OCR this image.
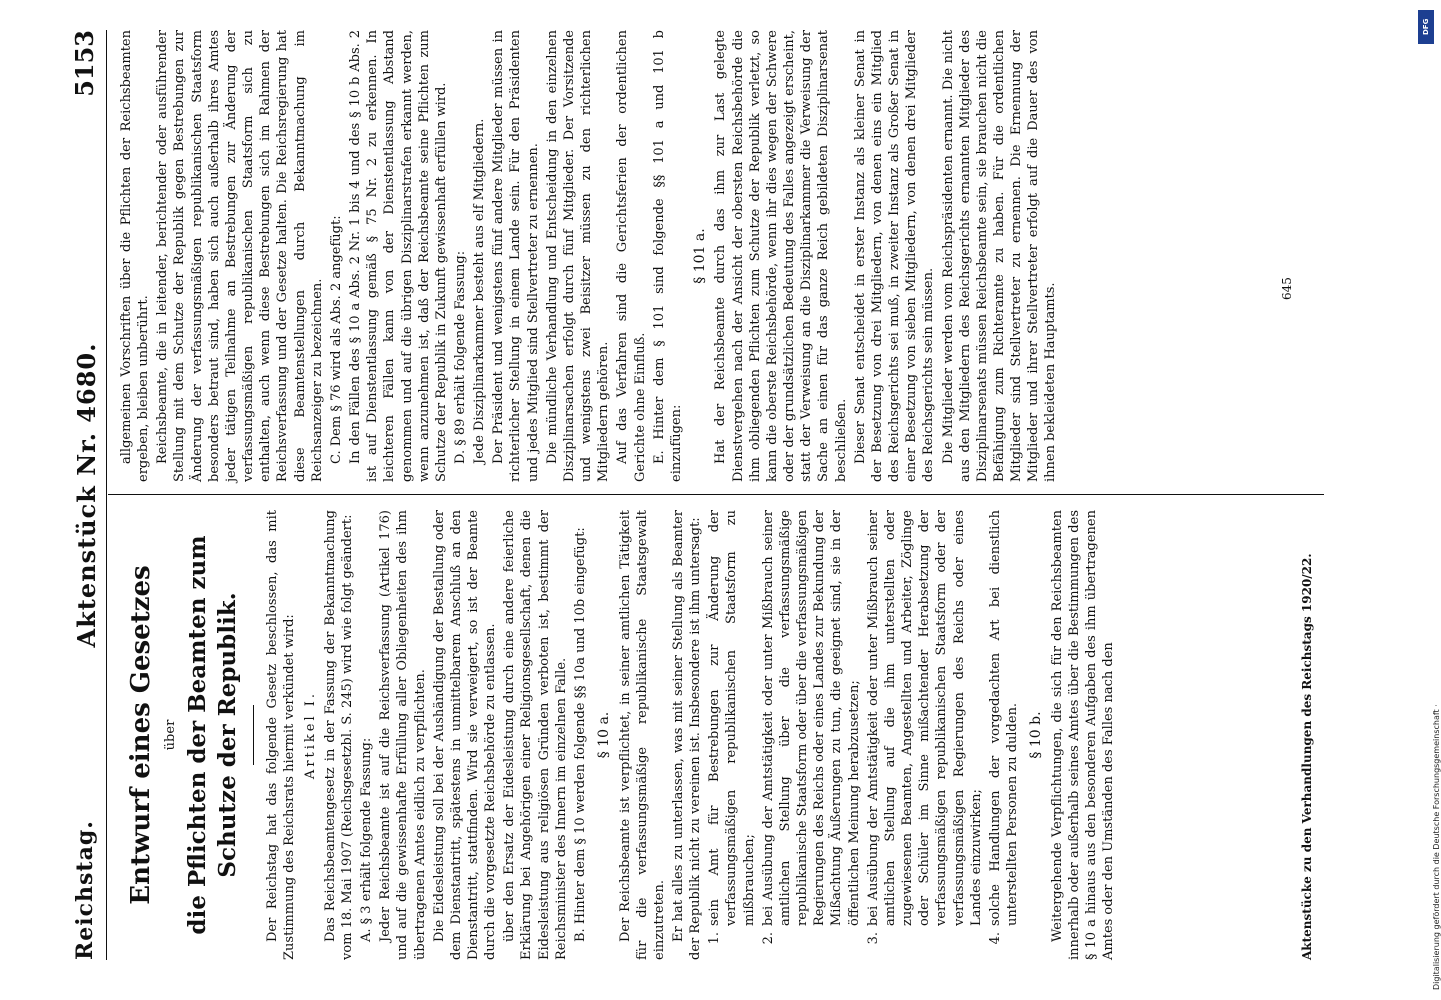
Reichstag.
Aktenstück Nr. 4680.
5153
Entwurf eines Gesetzes über die Pflichten der Beamten zum Schutze der Republik. Der Reichstag hat das folgende Gesetz beschlossen, das mit Zustimmung des Reichsrats hiermit verkündet wird: Artikel I. Das Reichsbeamtengesetz in der Fassung der Bekanntmachung vom 18. Mai 1907 (Reichsgesetzbl. S. 245) wird wie folgt geändert: A. § 3 erhält folgende Fassung: Jeder Reichsbeamte ist auf die Reichsverfassung (Artikel 176) und auf die gewissenhafte Erfüllung aller Obliegenheiten des ihm übertragenen Amtes eidlich zu verpflichten. Die Eidesleistung soll bei der Aushändigung der Bestallung oder dem Dienstantritt, spätestens in unmittelbarem Anschluß an den Dienstantritt, stattfinden. Wird sie verweigert, so ist der Beamte durch die vorgesetzte Reichsbehörde zu entlassen. über den Ersatz der Eidesleistung durch eine andere feierliche Erklärung bei Angehörigen einer Religionsgesellschaft, denen die Eidesleistung aus religiösen Gründen verboten ist, bestimmt der Reichsminister des Innern im einzelnen Falle. B. Hinter dem § 10 werden folgende §§ 10a und 10b eingefügt: § 10 a. Der Reichsbeamte ist verpflichtet, in seiner amtlichen Tätigkeit für die verfassungsmäßige republikanische Staatsgewalt einzutreten. Er hat alles zu unterlassen, was mit seiner Stellung als Beamter der Republik nicht zu vereinen ist. Insbesondere ist ihm untersagt: 1.
sein Amt für Bestrebungen zur Änderung der verfassungsmäßigen republikanischen Staatsform zu mißbrauchen;
2.
bei Ausübung der Amtstätigkeit oder unter Mißbrauch seiner amtlichen Stellung über die verfassungsmäßige republikanische Staatsform oder über die verfassungsmäßigen Regierungen des Reichs oder eines Landes zur Bekundung der Mißachtung Äußerungen zu tun, die geeignet sind, sie in der öffentlichen Meinung herabzusetzen;
3.
bei Ausübung der Amtstätigkeit oder unter Mißbrauch seiner amtlichen Stellung auf die ihm unterstellten oder zugewiesenen Beamten, Angestellten und Arbeiter, Zöglinge oder Schüler im Sinne mißachtender Herabsetzung der verfassungsmäßigen republikanischen Staatsform oder der verfassungsmäßigen Regierungen des Reichs oder eines Landes einzuwirken;
4.
solche Handlungen der vorgedachten Art bei dienstlich unterstellten Personen zu dulden. § 10 b. Weitergehende Verpflichtungen, die sich für den Reichsbeamten innerhalb oder außerhalb seines Amtes über die Bestimmungen des § 10 a hinaus aus den besonderen Aufgaben des ihm übertragenen Amtes oder den Umständen des Falles nach den

allgemeinen Vorschriften über die Pflichten der Reichsbeamten ergeben, bleiben unberührt. Reichsbeamte, die in leitender, berichtender oder ausführender Stellung mit dem Schutze der Republik gegen Bestrebungen zur Änderung der verfassungsmäßigen republikanischen Staatsform besonders betraut sind, haben sich auch außerhalb ihres Amtes jeder tätigen Teilnahme an Bestrebungen zur Änderung der verfassungsmäßigen republikanischen Staatsform sich zu enthalten, auch wenn diese Bestrebungen sich im Rahmen der Reichsverfassung und der Gesetze halten. Die Reichsregierung hat diese Beamtenstellungen durch Bekanntmachung im Reichsanzeiger zu bezeichnen. C. Dem § 76 wird als Abs. 2 angefügt: In den Fällen des § 10 a Abs. 2 Nr. 1 bis 4 und des § 10 b Abs. 2 ist auf Dienstentlassung gemäß § 75 Nr. 2 zu erkennen. In leichteren Fällen kann von der Dienstentlassung Abstand genommen und auf die übrigen Disziplinarstrafen erkannt werden, wenn anzunehmen ist, daß der Reichsbeamte seine Pflichten zum Schutze der Republik in Zukunft gewissenhaft erfüllen wird. D. § 89 erhält folgende Fassung: Jede Disziplinarkammer besteht aus elf Mitgliedern. Der Präsident und wenigstens fünf andere Mitglieder müssen in richterlicher Stellung in einem Lande sein. Für den Präsidenten und jedes Mitglied sind Stellvertreter zu ernennen. Die mündliche Verhandlung und Entscheidung in den einzelnen Disziplinarsachen erfolgt durch fünf Mitglieder. Der Vorsitzende und wenigstens zwei Beisitzer müssen zu den richterlichen Mitgliedern gehören. Auf das Verfahren sind die Gerichtsferien der ordentlichen Gerichte ohne Einfluß. E. Hinter dem § 101 sind folgende §§ 101 a und 101 b einzufügen:

§ 101 a. Hat der Reichsbeamte durch das ihm zur Last gelegte Dienstvergehen nach der Ansicht der obersten Reichsbehörde die ihm obliegenden Pflichten zum Schutze der Republik verletzt, so kann die oberste Reichsbehörde, wenn ihr dies wegen der Schwere oder der grundsätzlichen Bedeutung des Falles angezeigt erscheint, statt der Verweisung an die Disziplinarkammer die Verweisung der Sache an einen für das ganze Reich gebildeten Disziplinarsenat beschließen. Dieser Senat entscheidet in erster Instanz als kleiner Senat in der Besetzung von drei Mitgliedern, von denen eins ein Mitglied des Reichsgerichts sei muß, in zweiter Instanz als Großer Senat in einer Besetzung von sieben Mitgliedern, von denen drei Mitglieder des Reichsgerichts sein müssen. Die Mitglieder werden vom Reichspräsidenten ernannt. Die nicht aus den Mitgliedern des Reichsgerichts ernannten Mitglieder des Disziplinarsenats müssen Reichsbeamte sein, sie brauchen nicht die Befähigung zum Richteramte zu haben. Für die ordentlichen Mitglieder sind Stellvertreter zu ernennen. Die Ernennung der Mitglieder und ihrer Stellvertreter erfolgt auf die Dauer des von ihnen bekleideten Hauptamts.

Aktenstücke zu den Verhandlungen des Reichstags 1920/22.
645
Digitalisierung gefördert durch die Deutsche Forschungsgemeinschaft ·
DFG
